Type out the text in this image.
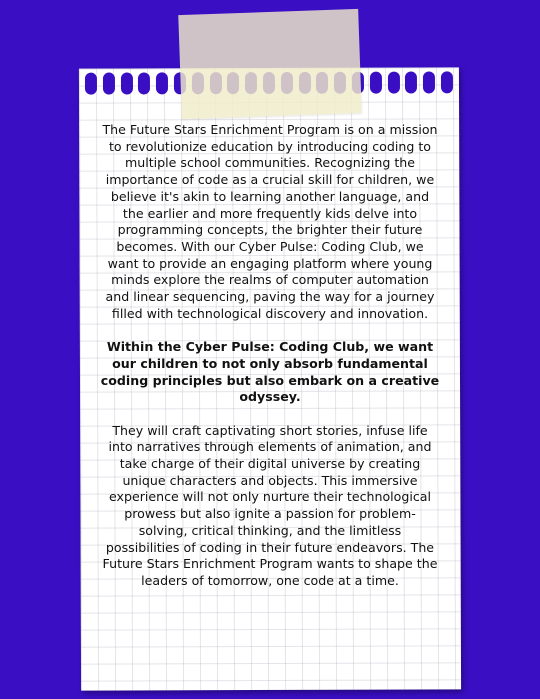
The Future Stars Enrichment Program is on a mission to revolutionize education by introducing coding to multiple school communities. Recognizing the importance of code as a crucial skill for children, we believe it's akin to learning another language, and the earlier and more frequently kids delve into programming concepts, the brighter their future becomes. With our Cyber Pulse: Coding Club, we want to provide an engaging platform where young minds explore the realms of computer automation and linear sequencing, paving the way for a journey filled with technological discovery and innovation.

Within the Cyber Pulse: Coding Club, we want our children to not only absorb fundamental coding principles but also embark on a creative odyssey.

They will craft captivating short stories, infuse life into narratives through elements of animation, and take charge of their digital universe by creating unique characters and objects. This immersive experience will not only nurture their technological prowess but also ignite a passion for problem-solving, critical thinking, and the limitless possibilities of coding in their future endeavors. The Future Stars Enrichment Program wants to shape the leaders of tomorrow, one code at a time.
